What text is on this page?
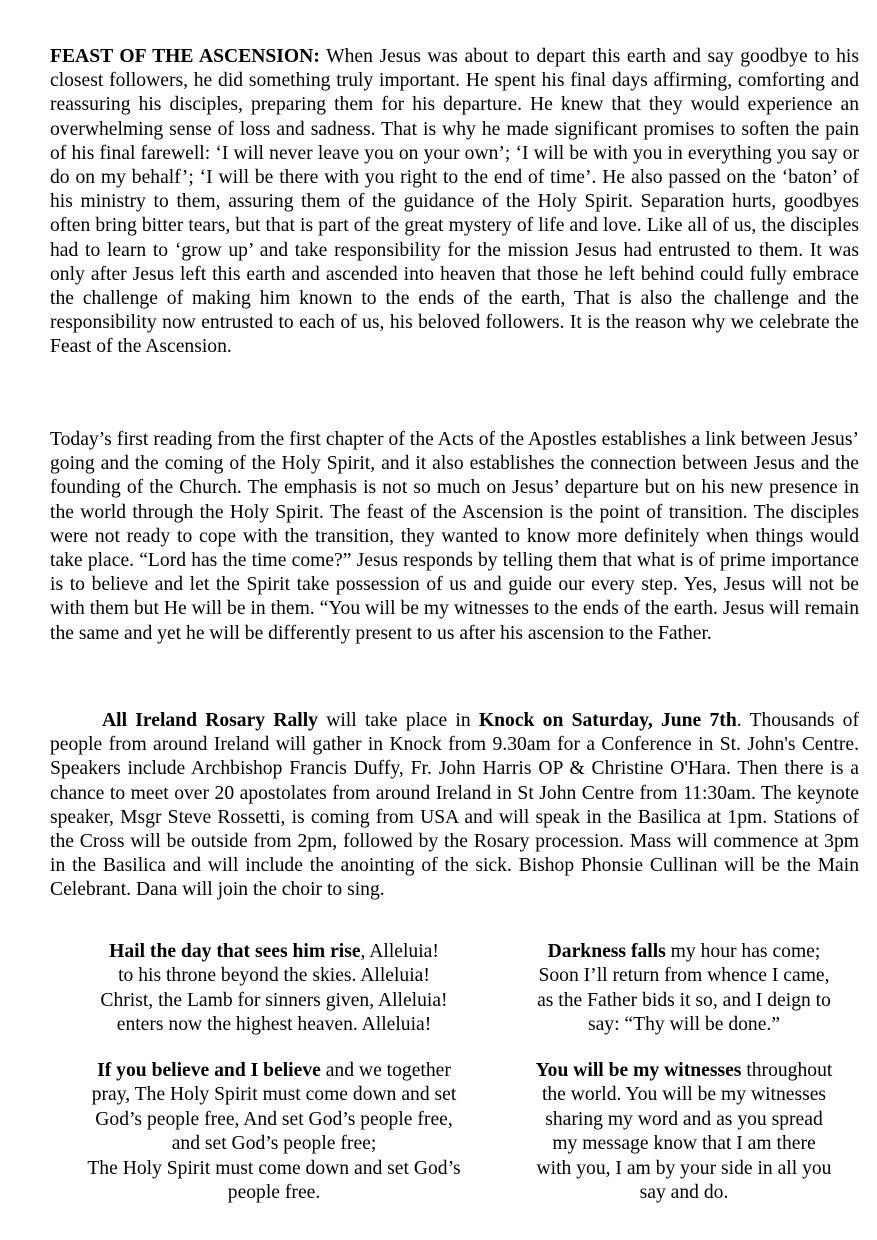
FEAST OF THE ASCENSION: When Jesus was about to depart this earth and say goodbye to his closest followers, he did something truly important. He spent his final days affirming, comforting and reassuring his disciples, preparing them for his departure. He knew that they would experience an overwhelming sense of loss and sadness. That is why he made significant promises to soften the pain of his final farewell: ‘I will never leave you on your own’; ‘I will be with you in everything you say or do on my behalf’; ‘I will be there with you right to the end of time’. He also passed on the ‘baton’ of his ministry to them, assuring them of the guidance of the Holy Spirit. Separation hurts, goodbyes often bring bitter tears, but that is part of the great mystery of life and love. Like all of us, the disciples had to learn to ‘grow up’ and take responsibility for the mission Jesus had entrusted to them. It was only after Jesus left this earth and ascended into heaven that those he left behind could fully embrace the challenge of making him known to the ends of the earth, That is also the challenge and the responsibility now entrusted to each of us, his beloved followers. It is the reason why we celebrate the Feast of the Ascension.

Today’s first reading from the first chapter of the Acts of the Apostles establishes a link between Jesus’ going and the coming of the Holy Spirit, and it also establishes the connection between Jesus and the founding of the Church. The emphasis is not so much on Jesus’ departure but on his new presence in the world through the Holy Spirit. The feast of the Ascension is the point of transition. The disciples were not ready to cope with the transition, they wanted to know more definitely when things would take place. “Lord has the time come?” Jesus responds by telling them that what is of prime importance is to believe and let the Spirit take possession of us and guide our every step. Yes, Jesus will not be with them but He will be in them. “You will be my witnesses to the ends of the earth. Jesus will remain the same and yet he will be differently present to us after his ascension to the Father.

All Ireland Rosary Rally will take place in Knock on Saturday, June 7th. Thousands of people from around Ireland will gather in Knock from 9.30am for a Conference in St. John's Centre. Speakers include Archbishop Francis Duffy, Fr. John Harris OP & Christine O'Hara. Then there is a chance to meet over 20 apostolates from around Ireland in St John Centre from 11:30am. The keynote speaker, Msgr Steve Rossetti, is coming from USA and will speak in the Basilica at 1pm. Stations of the Cross will be outside from 2pm, followed by the Rosary procession. Mass will commence at 3pm in the Basilica and will include the anointing of the sick. Bishop Phonsie Cullinan will be the Main Celebrant. Dana will join the choir to sing.

Hail the day that sees him rise, Alleluia!
to his throne beyond the skies. Alleluia!
Christ, the Lamb for sinners given, Alleluia!
enters now the highest heaven. Alleluia!
Darkness falls my hour has come;
Soon I’ll return from whence I came,
as the Father bids it so, and I deign to
say: “Thy will be done.”
If you believe and I believe and we together
pray, The Holy Spirit must come down and set
God’s people free, And set God’s people free,
and set God’s people free;
The Holy Spirit must come down and set God’s
people free.
You will be my witnesses throughout
the world. You will be my witnesses
sharing my word and as you spread
my message know that I am there
with you, I am by your side in all you
say and do.
